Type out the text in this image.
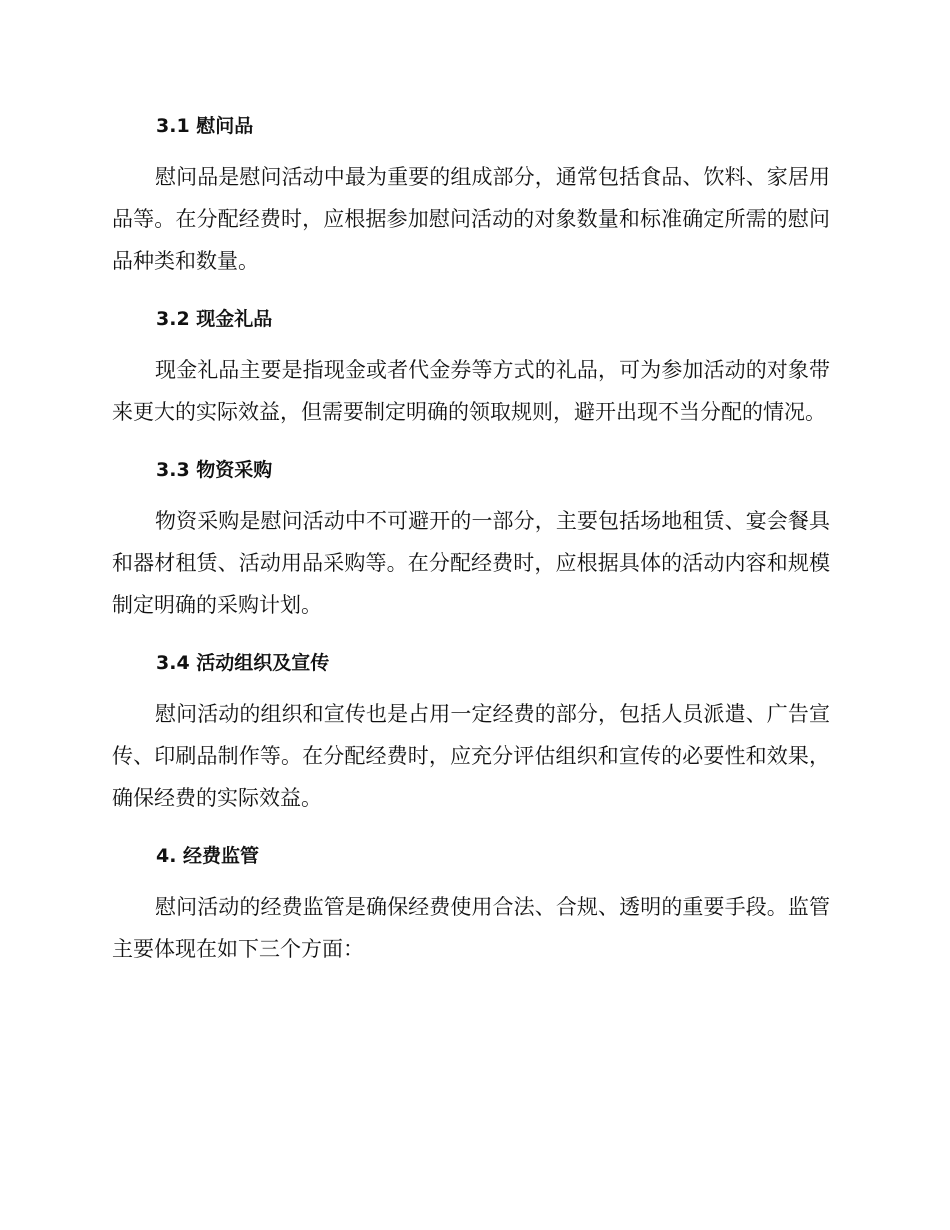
3.1 慰问品

慰问品是慰问活动中最为重要的组成部分，通常包括食品、饮料、家居用品等。在分配经费时，应根据参加慰问活动的对象数量和标准确定所需的慰问品种类和数量。

3.2 现金礼品

现金礼品主要是指现金或者代金券等方式的礼品，可为参加活动的对象带来更大的实际效益，但需要制定明确的领取规则，避开出现不当分配的情况。

3.3 物资采购

物资采购是慰问活动中不可避开的一部分，主要包括场地租赁、宴会餐具和器材租赁、活动用品采购等。在分配经费时，应根据具体的活动内容和规模制定明确的采购计划。

3.4 活动组织及宣传

慰问活动的组织和宣传也是占用一定经费的部分，包括人员派遣、广告宣传、印刷品制作等。在分配经费时，应充分评估组织和宣传的必要性和效果，确保经费的实际效益。

4. 经费监管

慰问活动的经费监管是确保经费使用合法、合规、透明的重要手段。监管主要体现在如下三个方面：
